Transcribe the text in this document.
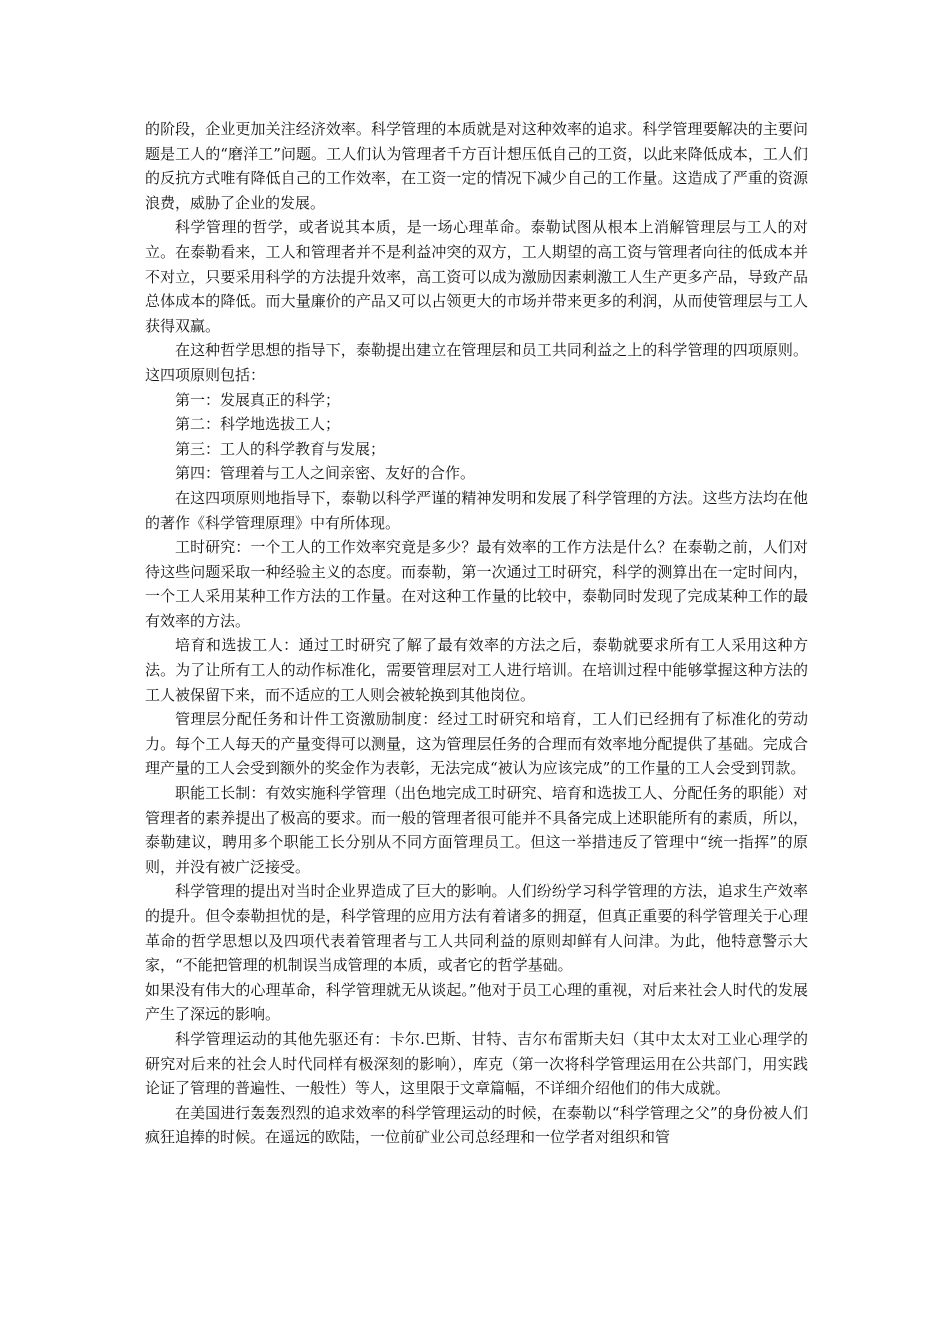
的阶段，企业更加关注经济效率。科学管理的本质就是对这种效率的追求。科学管理要解决的主要问题是工人的“磨洋工”问题。工人们认为管理者千方百计想压低自己的工资，以此来降低成本，工人们的反抗方式唯有降低自己的工作效率，在工资一定的情况下减少自己的工作量。这造成了严重的资源浪费，威胁了企业的发展。

科学管理的哲学，或者说其本质，是一场心理革命。泰勒试图从根本上消解管理层与工人的对立。在泰勒看来，工人和管理者并不是利益冲突的双方，工人期望的高工资与管理者向往的低成本并不对立，只要采用科学的方法提升效率，高工资可以成为激励因素刺激工人生产更多产品，导致产品总体成本的降低。而大量廉价的产品又可以占领更大的市场并带来更多的利润，从而使管理层与工人获得双赢。

在这种哲学思想的指导下，泰勒提出建立在管理层和员工共同利益之上的科学管理的四项原则。这四项原则包括：

第一：发展真正的科学；

第二：科学地选拔工人；

第三：工人的科学教育与发展；

第四：管理着与工人之间亲密、友好的合作。

在这四项原则地指导下，泰勒以科学严谨的精神发明和发展了科学管理的方法。这些方法均在他的著作《科学管理原理》中有所体现。

工时研究：一个工人的工作效率究竟是多少？最有效率的工作方法是什么？在泰勒之前，人们对待这些问题采取一种经验主义的态度。而泰勒，第一次通过工时研究，科学的测算出在一定时间内，一个工人采用某种工作方法的工作量。在对这种工作量的比较中，泰勒同时发现了完成某种工作的最有效率的方法。

培育和选拔工人：通过工时研究了解了最有效率的方法之后，泰勒就要求所有工人采用这种方法。为了让所有工人的动作标准化，需要管理层对工人进行培训。在培训过程中能够掌握这种方法的工人被保留下来，而不适应的工人则会被轮换到其他岗位。

管理层分配任务和计件工资激励制度：经过工时研究和培育，工人们已经拥有了标准化的劳动力。每个工人每天的产量变得可以测量，这为管理层任务的合理而有效率地分配提供了基础。完成合理产量的工人会受到额外的奖金作为表彰，无法完成“被认为应该完成”的工作量的工人会受到罚款。

职能工长制：有效实施科学管理（出色地完成工时研究、培育和选拔工人、分配任务的职能）对管理者的素养提出了极高的要求。而一般的管理者很可能并不具备完成上述职能所有的素质，所以，泰勒建议，聘用多个职能工长分别从不同方面管理员工。但这一举措违反了管理中“统一指挥”的原则，并没有被广泛接受。

科学管理的提出对当时企业界造成了巨大的影响。人们纷纷学习科学管理的方法，追求生产效率的提升。但令泰勒担忧的是，科学管理的应用方法有着诸多的拥趸，但真正重要的科学管理关于心理革命的哲学思想以及四项代表着管理者与工人共同利益的原则却鲜有人问津。为此，他特意警示大家，“不能把管理的机制误当成管理的本质，或者它的哲学基础。

如果没有伟大的心理革命，科学管理就无从谈起。”他对于员工心理的重视，对后来社会人时代的发展产生了深远的影响。

科学管理运动的其他先驱还有：卡尔.巴斯、甘特、吉尔布雷斯夫妇（其中太太对工业心理学的研究对后来的社会人时代同样有极深刻的影响），库克（第一次将科学管理运用在公共部门，用实践论证了管理的普遍性、一般性）等人，这里限于文章篇幅，不详细介绍他们的伟大成就。

在美国进行轰轰烈烈的追求效率的科学管理运动的时候，在泰勒以“科学管理之父”的身份被人们疯狂追捧的时候。在遥远的欧陆，一位前矿业公司总经理和一位学者对组织和管
